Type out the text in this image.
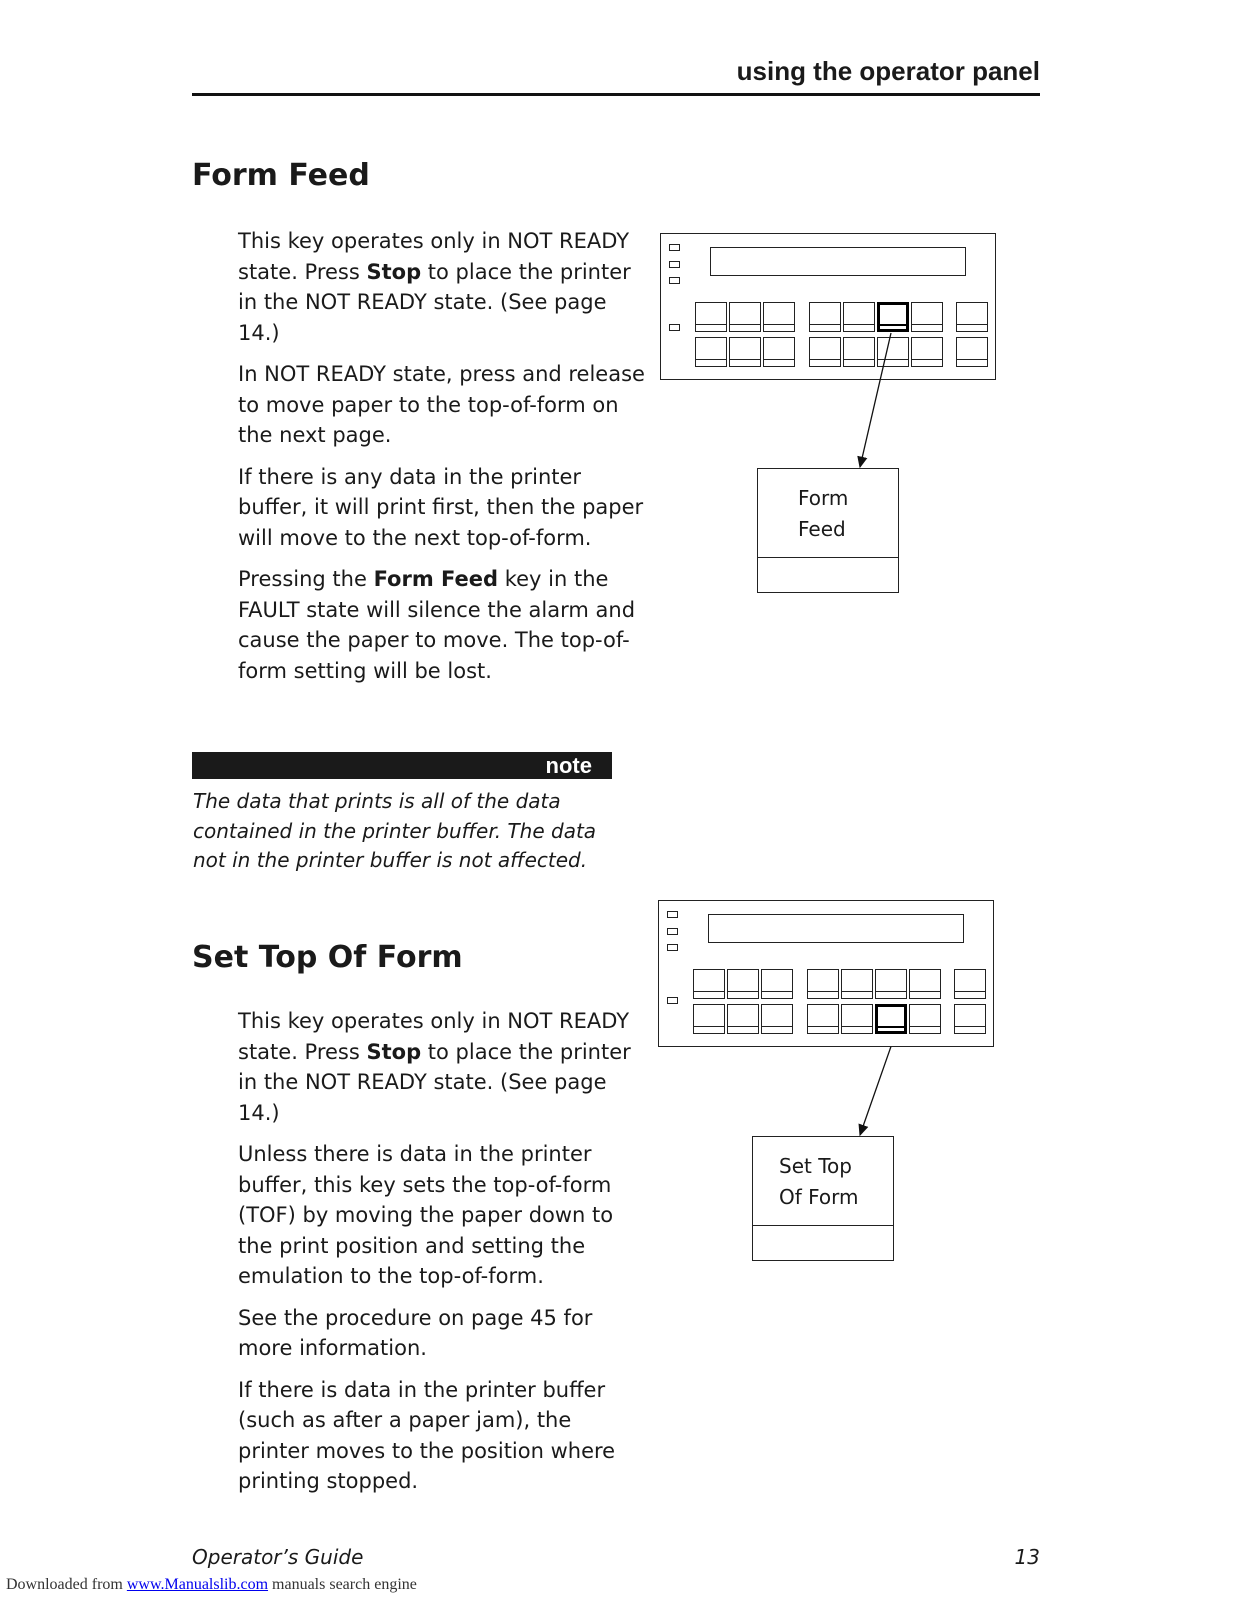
using the operator panel
Form Feed

This key operates only in NOT READY state. Press Stop to place the printer in the NOT READY state. (See page 14.)

In NOT READY state, press and release to move paper to the top-of-form on the next page.

If there is any data in the printer buffer, it will print first, then the paper will move to the next top-of-form.

Pressing the Form Feed key in the FAULT state will silence the alarm and cause the paper to move. The top-of-form setting will be lost.

Form
Feed
note
The data that prints is all of the data contained in the printer buffer. The data not in the printer buffer is not affected.
Set Top Of Form

This key operates only in NOT READY state. Press Stop to place the printer in the NOT READY state. (See page 14.)

Unless there is data in the printer buffer, this key sets the top-of-form (TOF) by moving the paper down to the print position and setting the emulation to the top-of-form.

See the procedure on page 45 for more information.

If there is data in the printer buffer (such as after a paper jam), the printer moves to the position where printing stopped.

Set Top
Of Form
Operator’s Guide	13
Downloaded from www.Manualslib.com manuals search engine
